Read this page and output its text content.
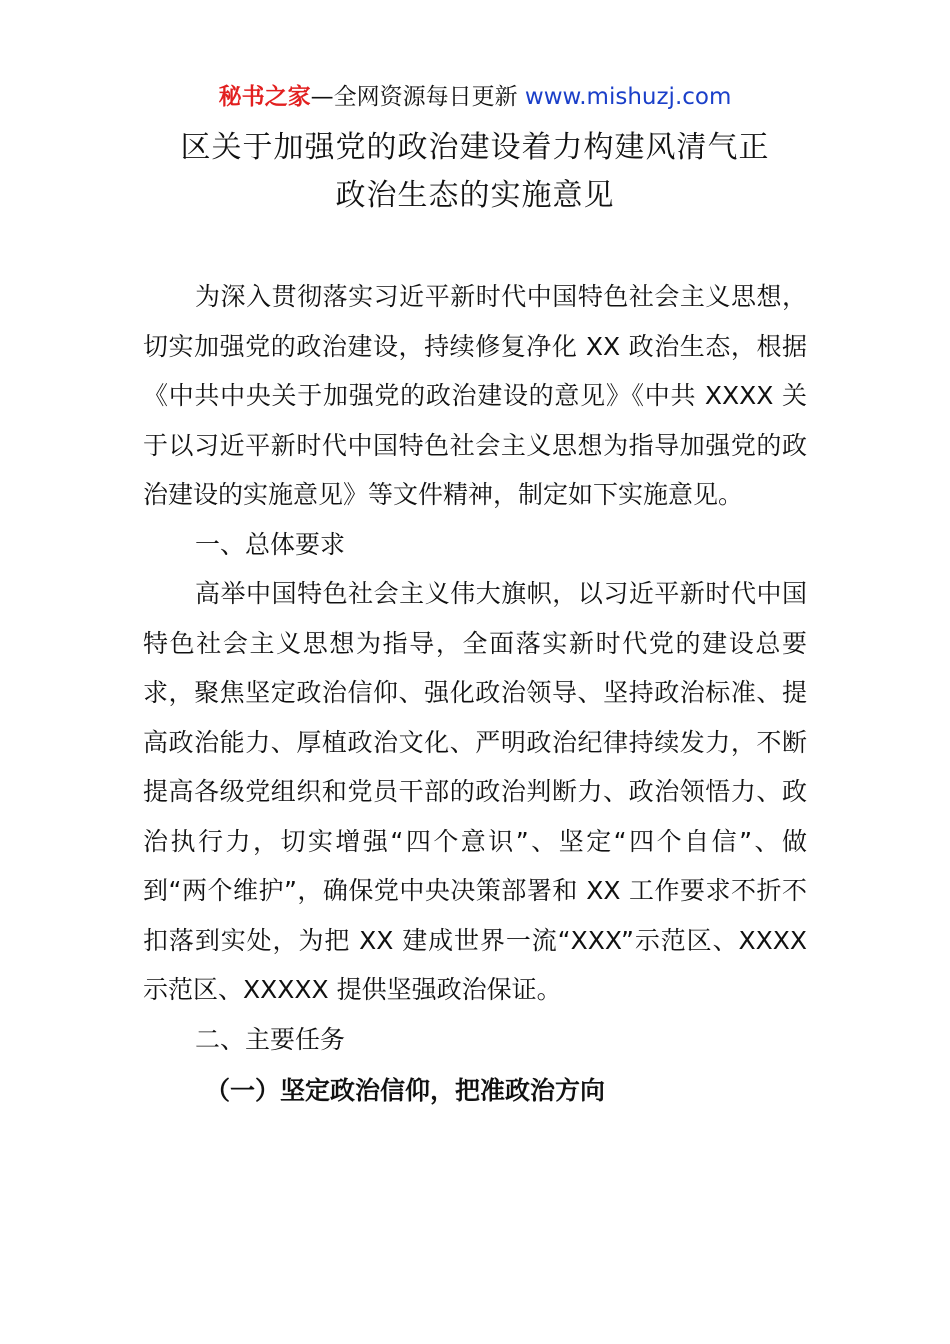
秘书之家—全网资源每日更新 www.mishuzj.com
区关于加强党的政治建设着力构建风清气正
政治生态的实施意见

为深入贯彻落实习近平新时代中国特色社会主义思想，切实加强党的政治建设，持续修复净化 XX 政治生态，根据《中共中央关于加强党的政治建设的意见》《中共 XXXX 关于以习近平新时代中国特色社会主义思想为指导加强党的政治建设的实施意见》等文件精神，制定如下实施意见。

一、总体要求

高举中国特色社会主义伟大旗帜，以习近平新时代中国特色社会主义思想为指导，全面落实新时代党的建设总要求，聚焦坚定政治信仰、强化政治领导、坚持政治标准、提高政治能力、厚植政治文化、严明政治纪律持续发力，不断提高各级党组织和党员干部的政治判断力、政治领悟力、政治执行力，切实增强“四个意识”、坚定“四个自信”、做到“两个维护”，确保党中央决策部署和 XX 工作要求不折不扣落到实处，为把 XX 建成世界一流“XXX”示范区、XXXX 示范区、XXXXX 提供坚强政治保证。

二、主要任务

（一）坚定政治信仰，把准政治方向
